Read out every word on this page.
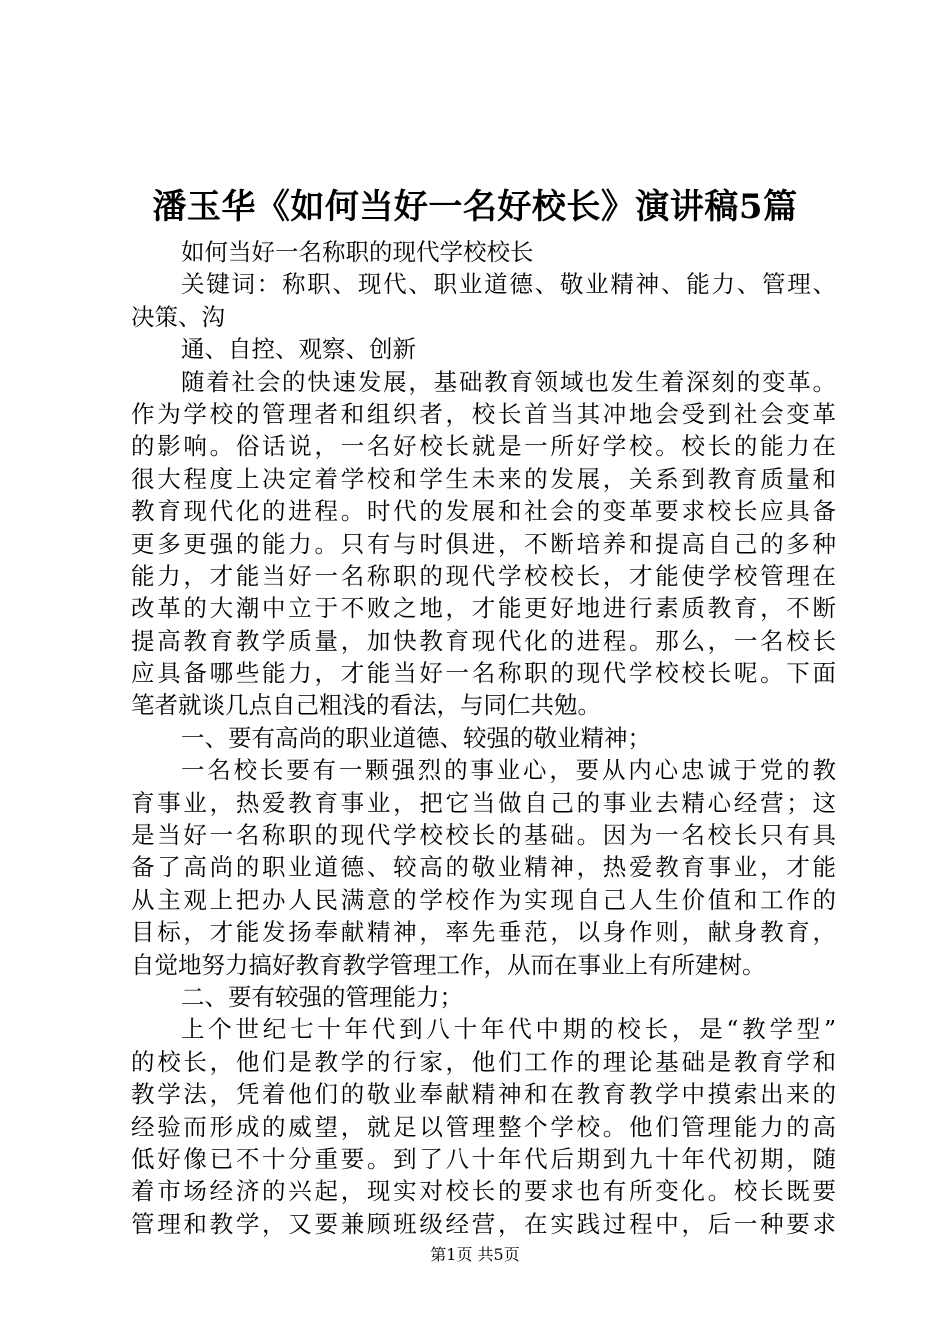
潘玉华《如何当好一名好校长》演讲稿5篇
如何当好一名称职的现代学校校长
关键词：称职、现代、职业道德、敬业精神、能力、管理、
决策、沟
通、自控、观察、创新
随着社会的快速发展，基础教育领域也发生着深刻的变革。
作为学校的管理者和组织者，校长首当其冲地会受到社会变革
的影响。俗话说，一名好校长就是一所好学校。校长的能力在
很大程度上决定着学校和学生未来的发展，关系到教育质量和
教育现代化的进程。时代的发展和社会的变革要求校长应具备
更多更强的能力。只有与时俱进，不断培养和提高自己的多种
能力，才能当好一名称职的现代学校校长，才能使学校管理在
改革的大潮中立于不败之地，才能更好地进行素质教育，不断
提高教育教学质量，加快教育现代化的进程。那么，一名校长
应具备哪些能力，才能当好一名称职的现代学校校长呢。下面
笔者就谈几点自己粗浅的看法，与同仁共勉。
一、要有高尚的职业道德、较强的敬业精神；
一名校长要有一颗强烈的事业心，要从内心忠诚于党的教
育事业，热爱教育事业，把它当做自己的事业去精心经营；这
是当好一名称职的现代学校校长的基础。因为一名校长只有具
备了高尚的职业道德、较高的敬业精神，热爱教育事业，才能
从主观上把办人民满意的学校作为实现自己人生价值和工作的
目标，才能发扬奉献精神，率先垂范，以身作则，献身教育，
自觉地努力搞好教育教学管理工作，从而在事业上有所建树。
二、要有较强的管理能力；
上个世纪七十年代到八十年代中期的校长，是“教学型”
的校长，他们是教学的行家，他们工作的理论基础是教育学和
教学法，凭着他们的敬业奉献精神和在教育教学中摸索出来的
经验而形成的威望，就足以管理整个学校。他们管理能力的高
低好像已不十分重要。到了八十年代后期到九十年代初期，随
着市场经济的兴起，现实对校长的要求也有所变化。校长既要
管理和教学，又要兼顾班级经营，在实践过程中，后一种要求
第1页 共5页
